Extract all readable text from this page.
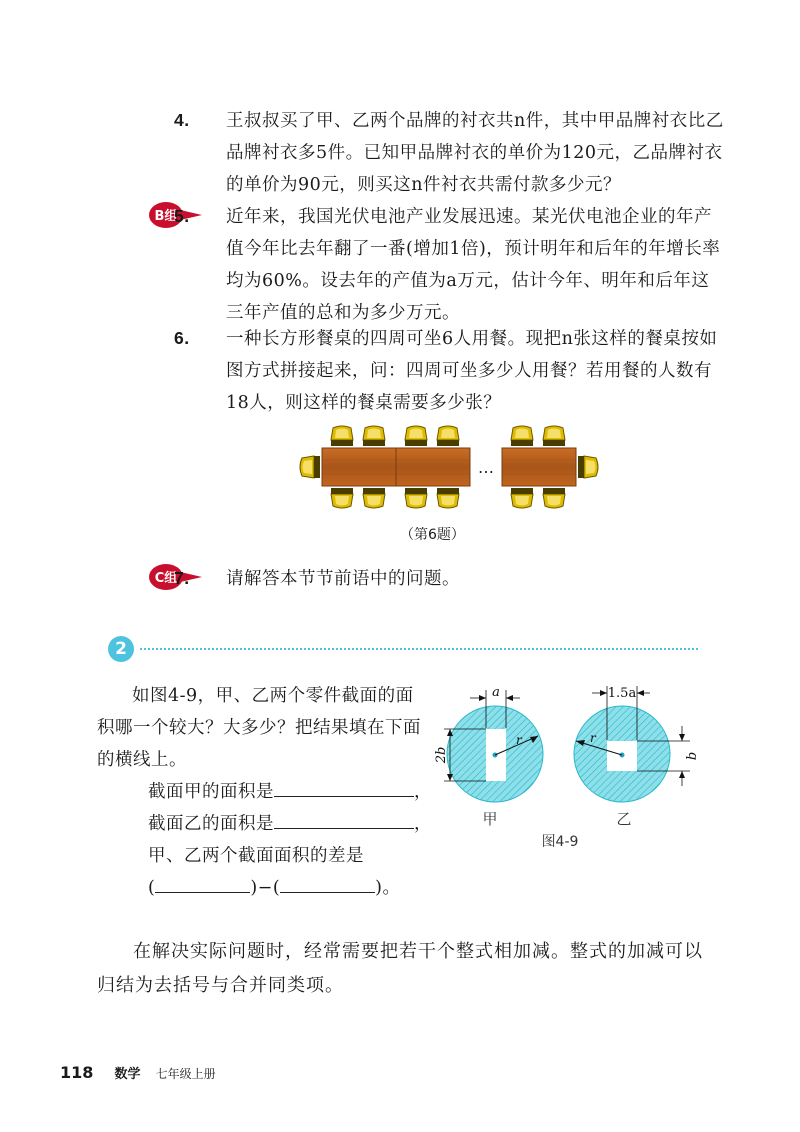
4. 王叔叔买了甲、乙两个品牌的衬衣共n件，其中甲品牌衬衣比乙品牌衬衣多5件。已知甲品牌衬衣的单价为120元，乙品牌衬衣的单价为90元，则买这n件衬衣共需付款多少元？
B组
5. 近年来，我国光伏电池产业发展迅速。某光伏电池企业的年产值今年比去年翻了一番(增加1倍)，预计明年和后年的年增长率均为60%。设去年的产值为a万元，估计今年、明年和后年这三年产值的总和为多少万元。
6. 一种长方形餐桌的四周可坐6人用餐。现把n张这样的餐桌按如图方式拼接起来，问：四周可坐多少人用餐？若用餐的人数有18人，则这样的餐桌需要多少张？
…
（第6题）
C组
7. 请解答本节节前语中的问题。
2
如图4-9，甲、乙两个零件截面的面积哪一个较大？大多少？把结果填在下面的横线上。
截面甲的面积是	，
截面乙的面积是	，
甲、乙两个截面面积的差是
(	)−(	)。
r
a
2b
甲
r
1.5a
b
乙
图4-9
在解决实际问题时，经常需要把若干个整式相加减。整式的加减可以归结为去括号与合并同类项。
118 数学 七年级上册
